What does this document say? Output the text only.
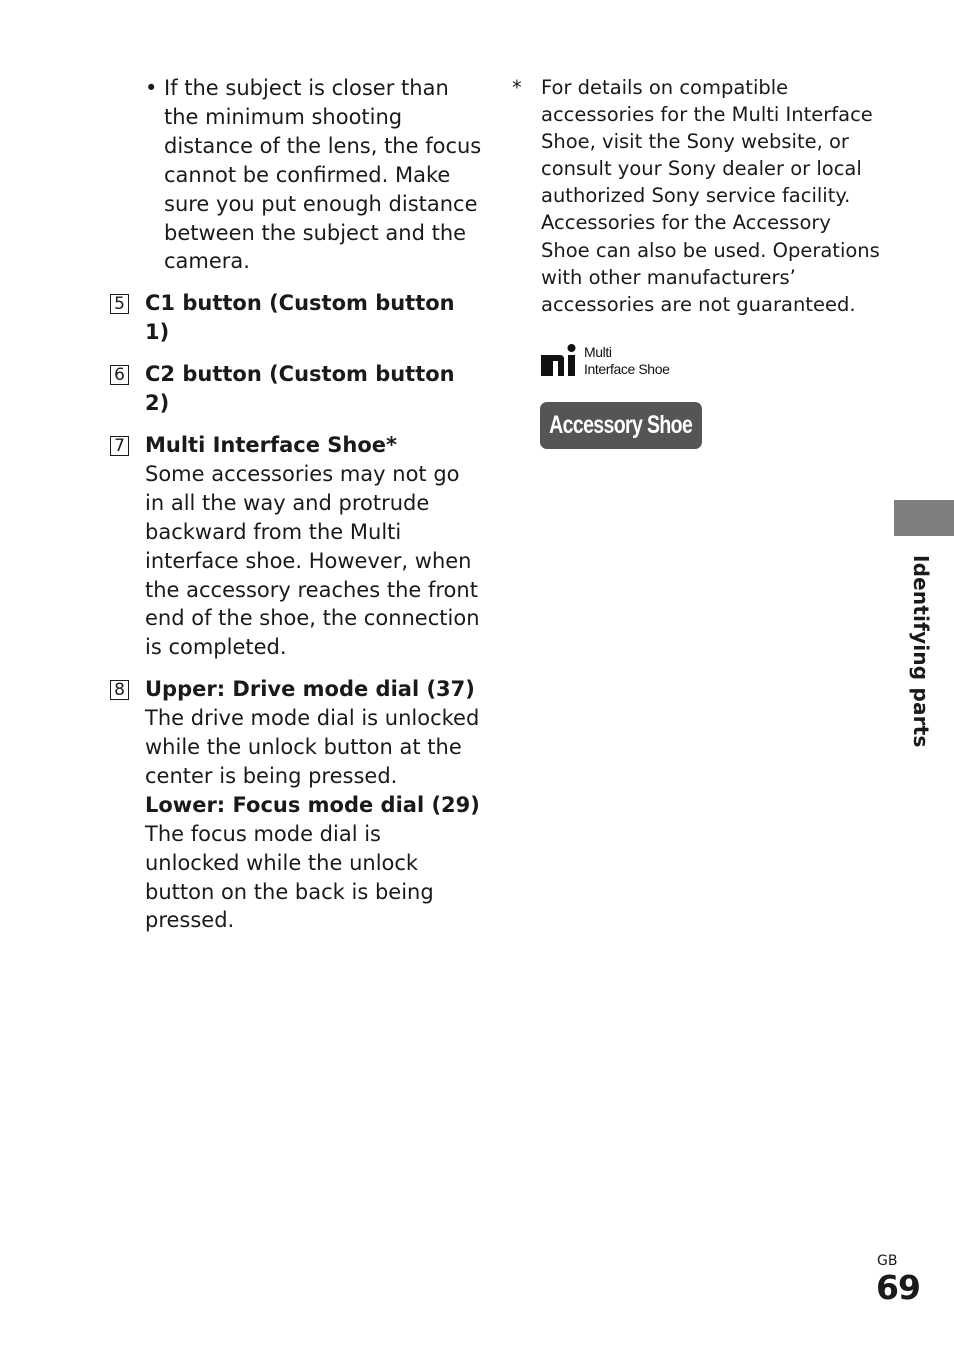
• If the subject is closer than the minimum shooting distance of the lens, the focus cannot be confirmed. Make sure you put enough distance between the subject and the camera.
5 C1 button (Custom button 1)
6 C2 button (Custom button 2)
7 Multi Interface Shoe*
Some accessories may not go in all the way and protrude backward from the Multi interface shoe. However, when the accessory reaches the front end of the shoe, the connection is completed.
8 Upper: Drive mode dial (37)
The drive mode dial is unlocked while the unlock button at the center is being pressed.
Lower: Focus mode dial (29)
The focus mode dial is unlocked while the unlock button on the back is being pressed.
* For details on compatible accessories for the Multi Interface Shoe, visit the Sony website, or consult your Sony dealer or local authorized Sony service facility. Accessories for the Accessory Shoe can also be used. Operations with other manufacturers’ accessories are not guaranteed.
Multi
Interface Shoe
Accessory Shoe
Identifying parts
GB
69
